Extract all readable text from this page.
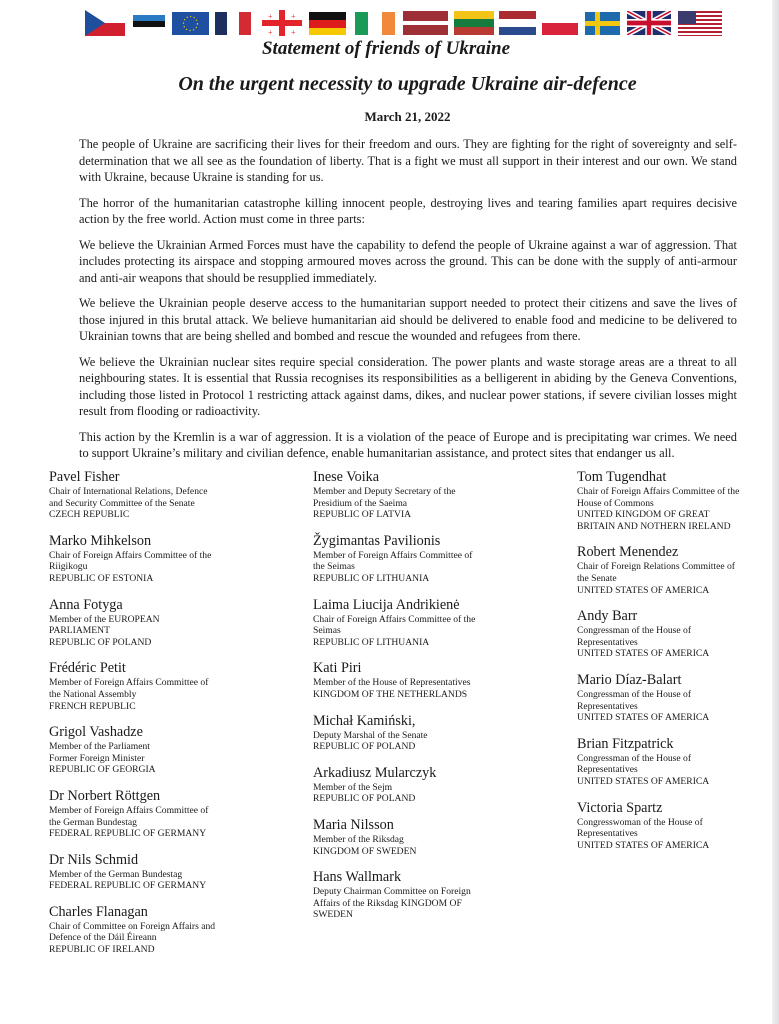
+ +
+ +
Statement of friends of Ukraine
On the urgent necessity to upgrade Ukraine air-defence
March 21, 2022

The people of Ukraine are sacrificing their lives for their freedom and ours. They are fighting for the right of sovereignty and self-determination that we all see as the foundation of liberty. That is a fight we must all support in their interest and our own. We stand with Ukraine, because Ukraine is standing for us.

The horror of the humanitarian catastrophe killing innocent people, destroying lives and tearing families apart requires decisive action by the free world. Action must come in three parts:

We believe the Ukrainian Armed Forces must have the capability to defend the people of Ukraine against a war of aggression. That includes protecting its airspace and stopping armoured moves across the ground. This can be done with the supply of anti-armour and anti-air weapons that should be resupplied immediately.

We believe the Ukrainian people deserve access to the humanitarian support needed to protect their citizens and save the lives of those injured in this brutal attack. We believe humanitarian aid should be delivered to enable food and medicine to be delivered to Ukrainian towns that are being shelled and bombed and rescue the wounded and refugees from there.

We believe the Ukrainian nuclear sites require special consideration. The power plants and waste storage areas are a threat to all neighbouring states. It is essential that Russia recognises its responsibilities as a belligerent in abiding by the Geneva Conventions, including those listed in Protocol 1 restricting attack against dams, dikes, and nuclear power stations, if severe civilian losses might result from flooding or radioactivity.

This action by the Kremlin is a war of aggression. It is a violation of the peace of Europe and is precipitating war crimes. We need to support Ukraine’s military and civilian defence, enable humanitarian assistance, and protect sites that endanger us all.

Pavel Fisher
Chair of International Relations, Defence
and Security Committee of the Senate
CZECH REPUBLIC
Marko Mihkelson
Chair of Foreign Affairs Committee of the
Riigikogu
REPUBLIC OF ESTONIA
Anna Fotyga
Member of the EUROPEAN
PARLIAMENT
REPUBLIC OF POLAND
Frédéric Petit
Member of Foreign Affairs Committee of
the National Assembly
FRENCH REPUBLIC
Grigol Vashadze
Member of the Parliament
Former Foreign Minister
REPUBLIC OF GEORGIA
Dr Norbert Röttgen
Member of Foreign Affairs Committee of
the German Bundestag
FEDERAL REPUBLIC OF GERMANY
Dr Nils Schmid
Member of the German Bundestag
FEDERAL REPUBLIC OF GERMANY
Charles Flanagan
Chair of Committee on Foreign Affairs and
Defence of the Dáil Éireann
REPUBLIC OF IRELAND
Inese Voika
Member and Deputy Secretary of the
Presidium of the Saeima
REPUBLIC OF LATVIA
Žygimantas Pavilionis
Member of Foreign Affairs Committee of
the Seimas
REPUBLIC OF LITHUANIA
Laima Liucija Andrikienė
Chair of Foreign Affairs Committee of the
Seimas
REPUBLIC OF LITHUANIA
Kati Piri
Member of the House of Representatives
KINGDOM OF THE NETHERLANDS
Michał Kamiński,
Deputy Marshal of the Senate
REPUBLIC OF POLAND
Arkadiusz Mularczyk
Member of the Sejm
REPUBLIC OF POLAND
Maria Nilsson
Member of the Riksdag
KINGDOM OF SWEDEN
Hans Wallmark
Deputy Chairman Committee on Foreign
Affairs of the Riksdag KINGDOM OF
SWEDEN
Tom Tugendhat
Chair of Foreign Affairs Committee of the
House of Commons
UNITED KINGDOM OF GREAT
BRITAIN AND NOTHERN IRELAND
Robert Menendez
Chair of Foreign Relations Committee of
the Senate
UNITED STATES OF AMERICA
Andy Barr
Congressman of the House of
Representatives
UNITED STATES OF AMERICA
Mario Díaz-Balart
Congressman of the House of
Representatives
UNITED STATES OF AMERICA
Brian Fitzpatrick
Congressman of the House of
Representatives
UNITED STATES OF AMERICA
Victoria Spartz
Congresswoman of the House of
Representatives
UNITED STATES OF AMERICA
